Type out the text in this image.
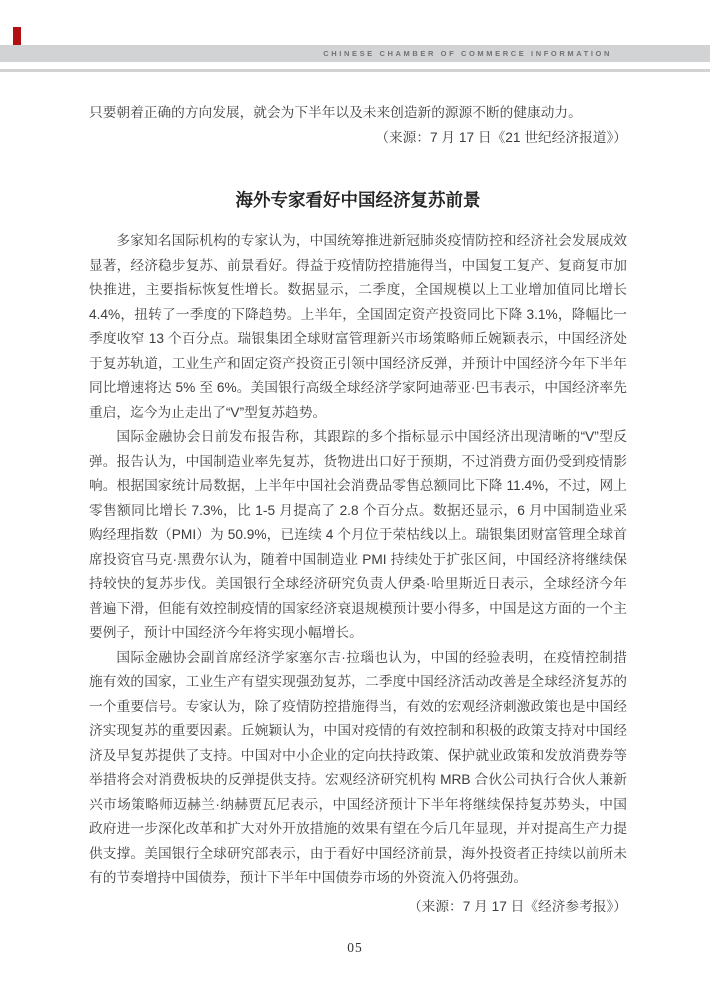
CHINESE CHAMBER OF COMMERCE INFORMATION
只要朝着正确的方向发展，就会为下半年以及未来创造新的源源不断的健康动力。
（来源：7 月 17 日《21 世纪经济报道》）
海外专家看好中国经济复苏前景

多家知名国际机构的专家认为，中国统筹推进新冠肺炎疫情防控和经济社会发展成效显著，经济稳步复苏、前景看好。得益于疫情防控措施得当，中国复工复产、复商复市加快推进，主要指标恢复性增长。数据显示，二季度，全国规模以上工业增加值同比增长 4.4%，扭转了一季度的下降趋势。上半年，全国固定资产投资同比下降 3.1%，降幅比一季度收窄 13 个百分点。瑞银集团全球财富管理新兴市场策略师丘婉颖表示，中国经济处于复苏轨道，工业生产和固定资产投资正引领中国经济反弹，并预计中国经济今年下半年同比增速将达 5% 至 6%。美国银行高级全球经济学家阿迪蒂亚·巴韦表示，中国经济率先重启，迄今为止走出了“V”型复苏趋势。

国际金融协会日前发布报告称，其跟踪的多个指标显示中国经济出现清晰的“V”型反弹。报告认为，中国制造业率先复苏，货物进出口好于预期，不过消费方面仍受到疫情影响。根据国家统计局数据，上半年中国社会消费品零售总额同比下降 11.4%，不过，网上零售额同比增长 7.3%，比 1-5 月提高了 2.8 个百分点。数据还显示，6 月中国制造业采购经理指数（PMI）为 50.9%，已连续 4 个月位于荣枯线以上。瑞银集团财富管理全球首席投资官马克·黑费尔认为，随着中国制造业 PMI 持续处于扩张区间，中国经济将继续保持较快的复苏步伐。美国银行全球经济研究负责人伊桑·哈里斯近日表示，全球经济今年普遍下滑，但能有效控制疫情的国家经济衰退规模预计要小得多，中国是这方面的一个主要例子，预计中国经济今年将实现小幅增长。

国际金融协会副首席经济学家塞尔吉·拉瑙也认为，中国的经验表明，在疫情控制措施有效的国家，工业生产有望实现强劲复苏，二季度中国经济活动改善是全球经济复苏的一个重要信号。专家认为，除了疫情防控措施得当，有效的宏观经济刺激政策也是中国经济实现复苏的重要因素。丘婉颖认为，中国对疫情的有效控制和积极的政策支持对中国经济及早复苏提供了支持。中国对中小企业的定向扶持政策、保护就业政策和发放消费券等举措将会对消费板块的反弹提供支持。宏观经济研究机构 MRB 合伙公司执行合伙人兼新兴市场策略师迈赫兰·纳赫贾瓦尼表示，中国经济预计下半年将继续保持复苏势头，中国政府进一步深化改革和扩大对外开放措施的效果有望在今后几年显现，并对提高生产力提供支撑。美国银行全球研究部表示，由于看好中国经济前景，海外投资者正持续以前所未有的节奏增持中国债券，预计下半年中国债券市场的外资流入仍将强劲。

（来源：7 月 17 日《经济参考报》）
05
